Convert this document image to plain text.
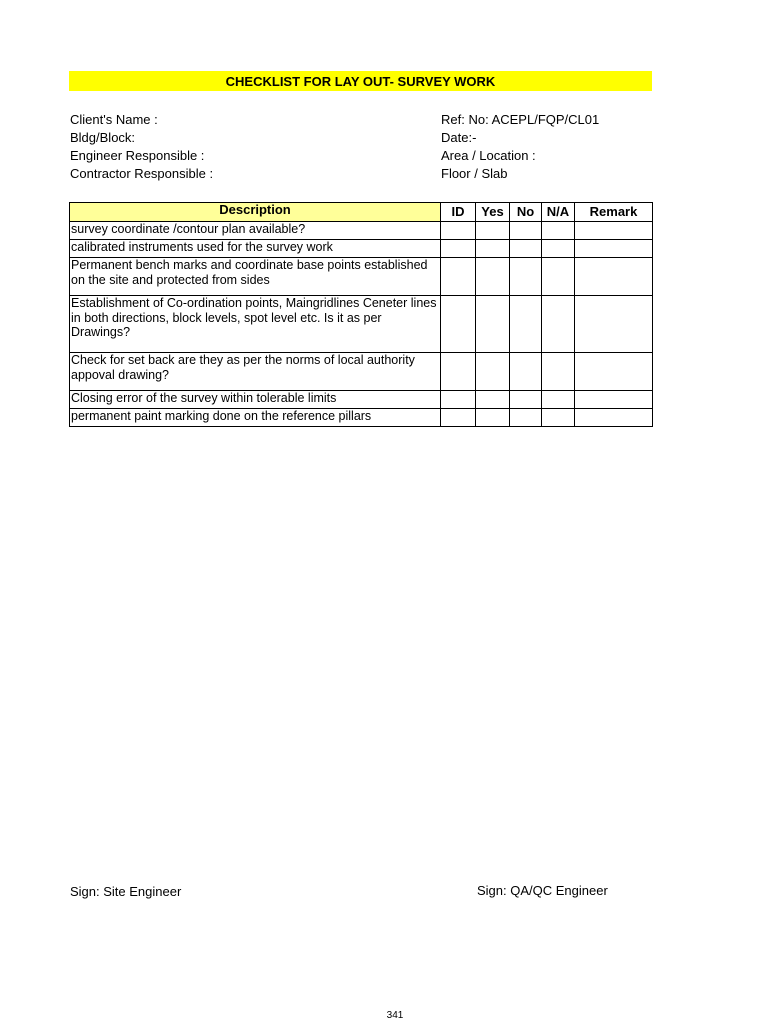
CHECKLIST FOR LAY OUT- SURVEY WORK
Client's Name :
Bldg/Block:
Engineer Responsible :
Contractor Responsible :
Ref: No: ACEPL/FQP/CL01
Date:-
Area / Location :
Floor / Slab
Description	ID	Yes	No	N/A	Remark
survey coordinate /contour plan available?					
calibrated instruments used for the survey work					
Permanent bench marks and coordinate base points established on the site and protected from sides					
Establishment of Co-ordination points, Maingridlines Ceneter lines in both directions, block levels, spot level etc. Is it as per Drawings?					
Check for set back are they as per the norms of local authority appoval drawing?					
Closing error of the survey within tolerable limits					
permanent paint marking done on the reference pillars					
Sign: Site Engineer	Sign: QA/QC Engineer
341
